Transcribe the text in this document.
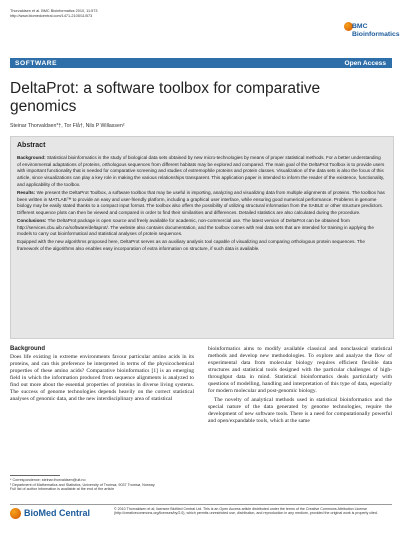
Thorvaldsen et al. BMC Bioinformatics 2010, 11:573
http://www.biomedcentral.com/1471-2105/11/573
BMC
Bioinformatics
SOFTWARE	Open Access
DeltaProt: a software toolbox for comparative genomics
Steinar Thorvaldsen*†, Tor Flå†, Nils P Willassen²
Abstract

Background: Statistical bioinformatics is the study of biological data sets obtained by new micro-technologies by means of proper statistical methods. For a better understanding of environmental adaptations of proteins, orthologous sequences from different habitats may be explored and compared. The main goal of the DeltaProt Toolbox is to provide users with important functionality that is needed for comparative screening and studies of extremophile proteins and protein classes. Visualization of the data sets is also the focus of this article, since visualizations can play a key role in making the various relationships transparent. This application paper is intended to inform the reader of the existence, functionality, and applicability of the toolbox.

Results: We present the DeltaProt Toolbox, a software toolbox that may be useful in importing, analyzing and visualizing data from multiple alignments of proteins. The toolbox has been written in MATLAB™ to provide an easy and user-friendly platform, including a graphical user interface, while ensuring good numerical performance. Problems in genome biology may be easily stated thanks to a compact input format. The toolbox also offers the possibility of utilizing structural information from the SABLE or other structure predictors. Different sequence plots can then be viewed and compared in order to find their similarities and differences. Detailed statistics are also calculated during the procedure.

Conclusions: The DeltaProt package is open source and freely available for academic, non-commercial use. The latest version of DeltaProt can be obtained from http://services.cbu.uib.no/software/deltaprot/. The website also contains documentation, and the toolbox comes with real data sets that are intended for training in applying the models to carry out bioinformatical and statistical analyses of protein sequences.

Equipped with the new algorithms proposed here, DeltaProt serves as an auxiliary analysis tool capable of visualizing and comparing orthologous protein sequences. The framework of the algorithms also enables easy incorporation of extra information on structure, if such data is available.

Background

Does life existing in extreme environments favour particular amino acids in its proteins, and can this preference be interpreted in terms of the physicochemical properties of these amino acids? Comparative bioinformatics [1] is an emerging field in which the information produced from sequence alignments is analyzed to find out more about the essential properties of proteins in diverse living systems. The success of genome technologies depends heavily on the correct statistical analyses of genomic data, and the new interdisciplinary area of statistical

bioinformatics aims to modify available classical and nonclassical statistical methods and develop new methodologies. To explore and analyze the flow of experimental data from molecular biology requires efficient flexible data structures and statistical tools designed with the particular challenges of high-throughput data in mind. Statistical bioinformatics deals particularly with questions of modelling, handling and interpretation of this type of data, especially for modern molecular and post-genomic biology.

The novelty of analytical methods used in statistical bioinformatics and the special nature of the data generated by genome technologies, require the development of new software tools. There is a need for computationally powerful and open/expandable tools, which at the same

* Correspondence: steinar.thorvaldsen@uit.no
¹ Department of Mathematics and Statistics, University of Tromsø, 9037 Tromsø, Norway
Full list of author information is available at the end of the article
BioMed Central	© 2010 Thorvaldsen et al; licensee BioMed Central Ltd. This is an Open Access article distributed under the terms of the Creative Commons Attribution License (http://creativecommons.org/licenses/by/2.0), which permits unrestricted use, distribution, and reproduction in any medium, provided the original work is properly cited.
